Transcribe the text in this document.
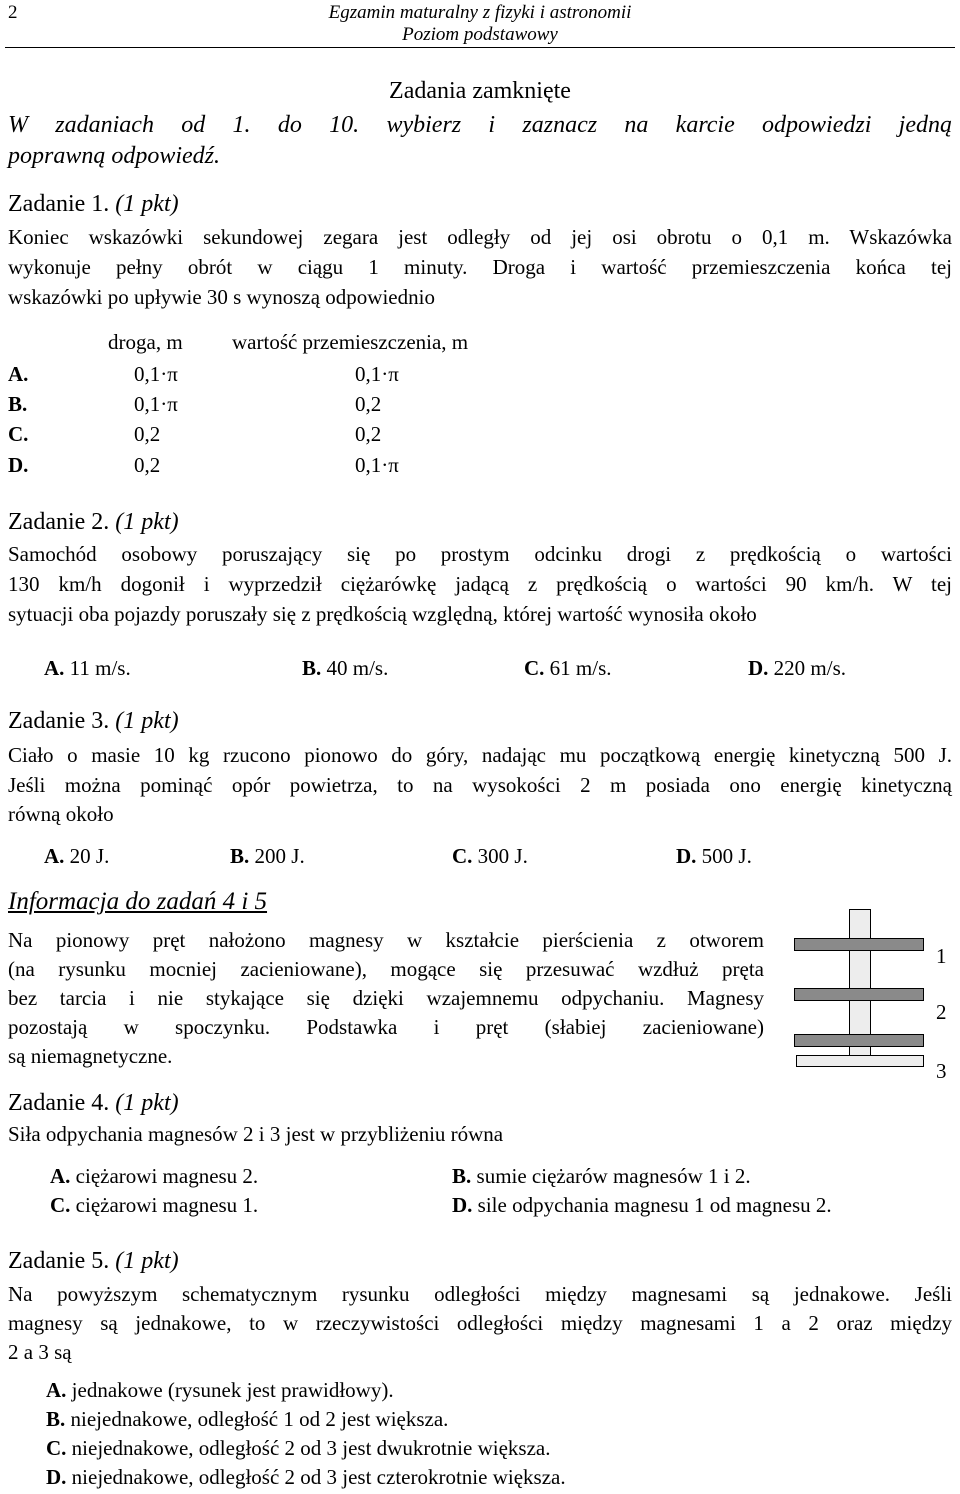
2	Egzamin maturalny z fizyki i astronomii
Poziom podstawowy
Zadania zamknięte
W zadaniach od 1. do 10. wybierz i zaznacz na karcie odpowiedzi jedną
poprawną odpowiedź.
Zadanie 1. (1 pkt)
Koniec wskazówki sekundowej zegara jest odległy od jej osi obrotu o 0,1 m. Wskazówka
wykonuje pełny obrót w ciągu 1 minuty. Droga i wartość przemieszczenia końca tej
wskazówki po upływie 30 s wynoszą odpowiednio
droga, m wartość przemieszczenia, m
A.	0,1·π	0,1·π
B.	0,1·π	0,2
C.	0,2	0,2
D.	0,2	0,1·π
Zadanie 2. (1 pkt)
Samochód osobowy poruszający się po prostym odcinku drogi z prędkością o wartości
130 km/h dogonił i wyprzedził ciężarówkę jadącą z prędkością o wartości 90 km/h. W tej
sytuacji oba pojazdy poruszały się z prędkością względną, której wartość wynosiła około
A. 11 m/s.	B. 40 m/s.	C. 61 m/s.	D. 220 m/s.
Zadanie 3. (1 pkt)
Ciało o masie 10 kg rzucono pionowo do góry, nadając mu początkową energię kinetyczną 500 J.
Jeśli można pominąć opór powietrza, to na wysokości 2 m posiada ono energię kinetyczną
równą około
A. 20 J.	B. 200 J.	C. 300 J.	D. 500 J.
Informacja do zadań 4 i 5
Na pionowy pręt nałożono magnesy w kształcie pierścienia z otworem
(na rysunku mocniej zacieniowane), mogące się przesuwać wzdłuż pręta
bez tarcia i nie stykające się dzięki wzajemnemu odpychaniu. Magnesy
pozostają w spoczynku. Podstawka i pręt (słabiej zacieniowane)
są niemagnetyczne.
1
2
3
Zadanie 4. (1 pkt)
Siła odpychania magnesów 2 i 3 jest w przybliżeniu równa
A. ciężarowi magnesu 2.	B. sumie ciężarów magnesów 1 i 2.
C. ciężarowi magnesu 1.	D. sile odpychania magnesu 1 od magnesu 2.
Zadanie 5. (1 pkt)
Na powyższym schematycznym rysunku odległości między magnesami są jednakowe. Jeśli
magnesy są jednakowe, to w rzeczywistości odległości między magnesami 1 a 2 oraz między
2 a 3 są
A. jednakowe (rysunek jest prawidłowy).
B. niejednakowe, odległość 1 od 2 jest większa.
C. niejednakowe, odległość 2 od 3 jest dwukrotnie większa.
D. niejednakowe, odległość 2 od 3 jest czterokrotnie większa.
